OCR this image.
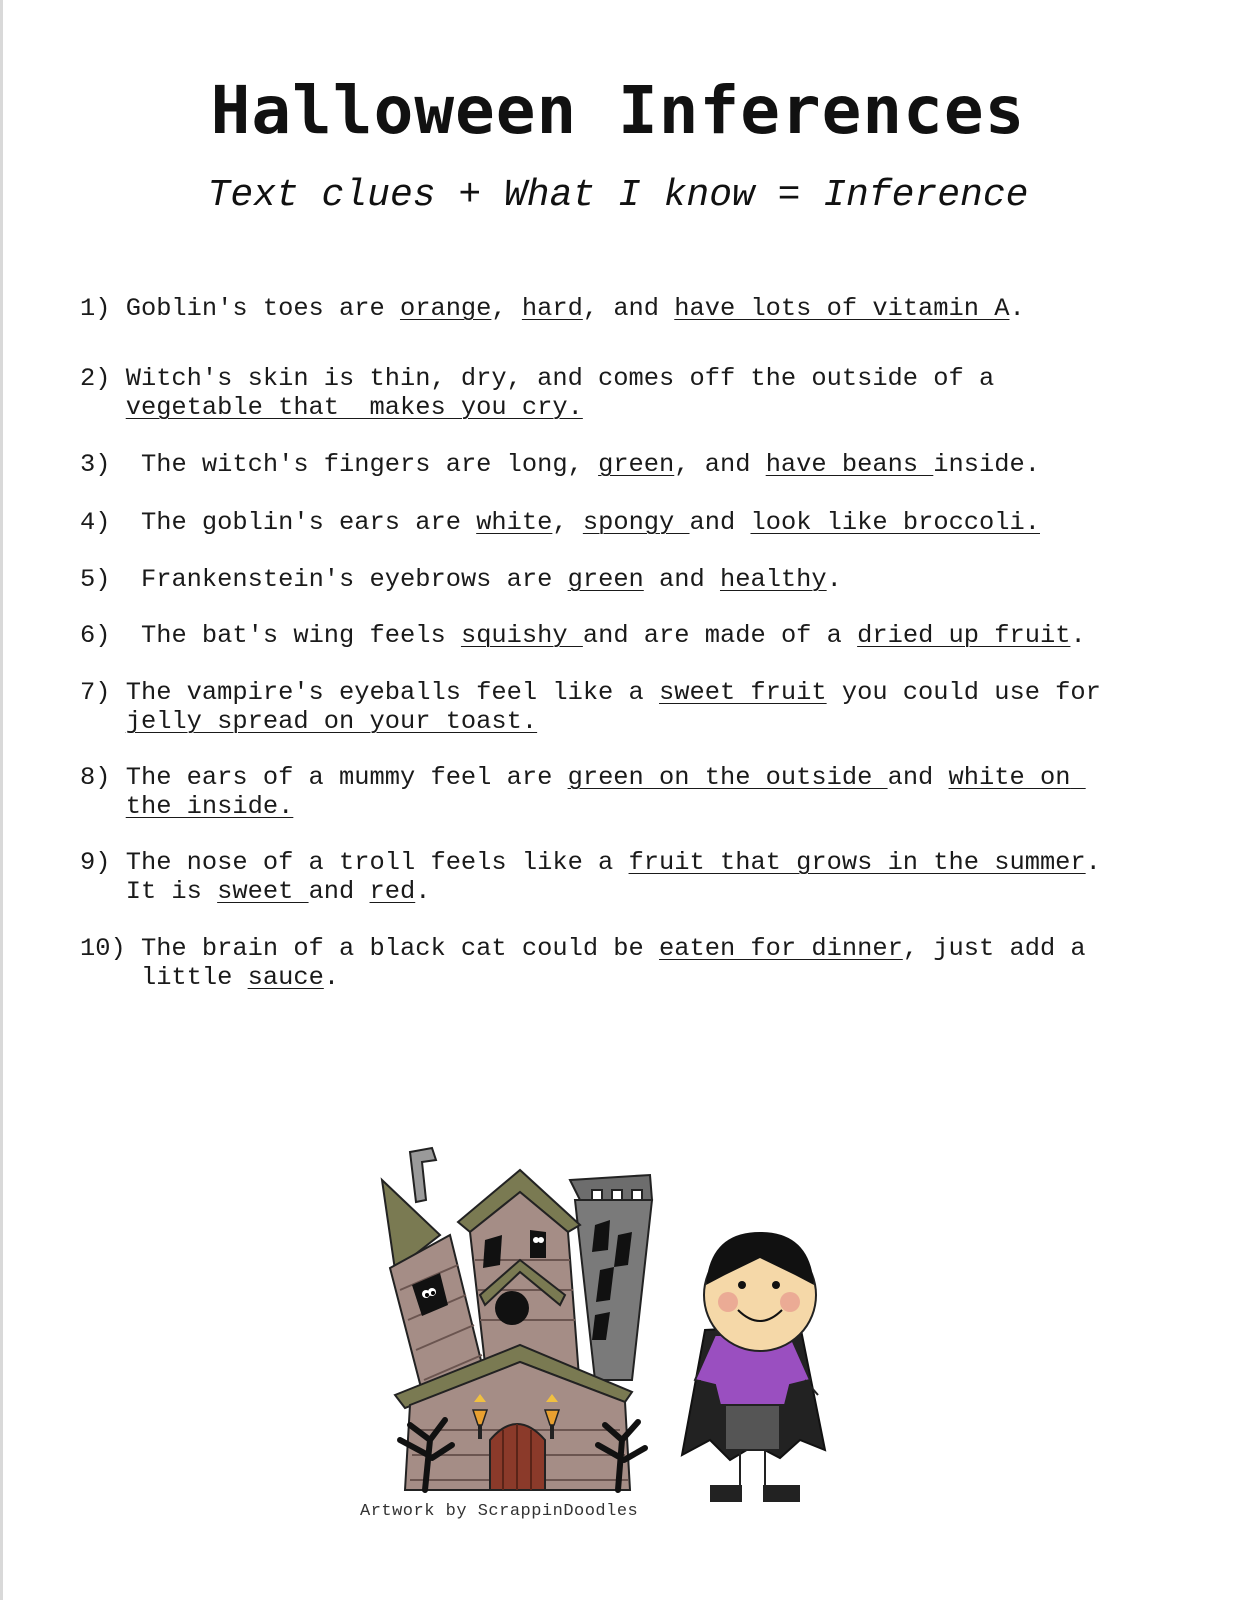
Halloween Inferences
Text clues + What I know = Inference
1) Goblin's toes are orange, hard, and have lots of vitamin A.
2) Witch's skin is thin, dry, and comes off the outside of a vegetable that  makes you cry.
3) The witch's fingers are long, green, and have beans inside.
4) The goblin's ears are white, spongy and look like broccoli.
5) Frankenstein's eyebrows are green and healthy.
6) The bat's wing feels squishy and are made of a dried up fruit.
7) The vampire's eyeballs feel like a sweet fruit you could use for jelly spread on your toast.
8) The ears of a mummy feel are green on the outside and white on the inside.
9) The nose of a troll feels like a fruit that grows in the summer. It is sweet and red.
10) The brain of a black cat could be eaten for dinner, just add a little sauce.
Artwork by ScrappinDoodles
